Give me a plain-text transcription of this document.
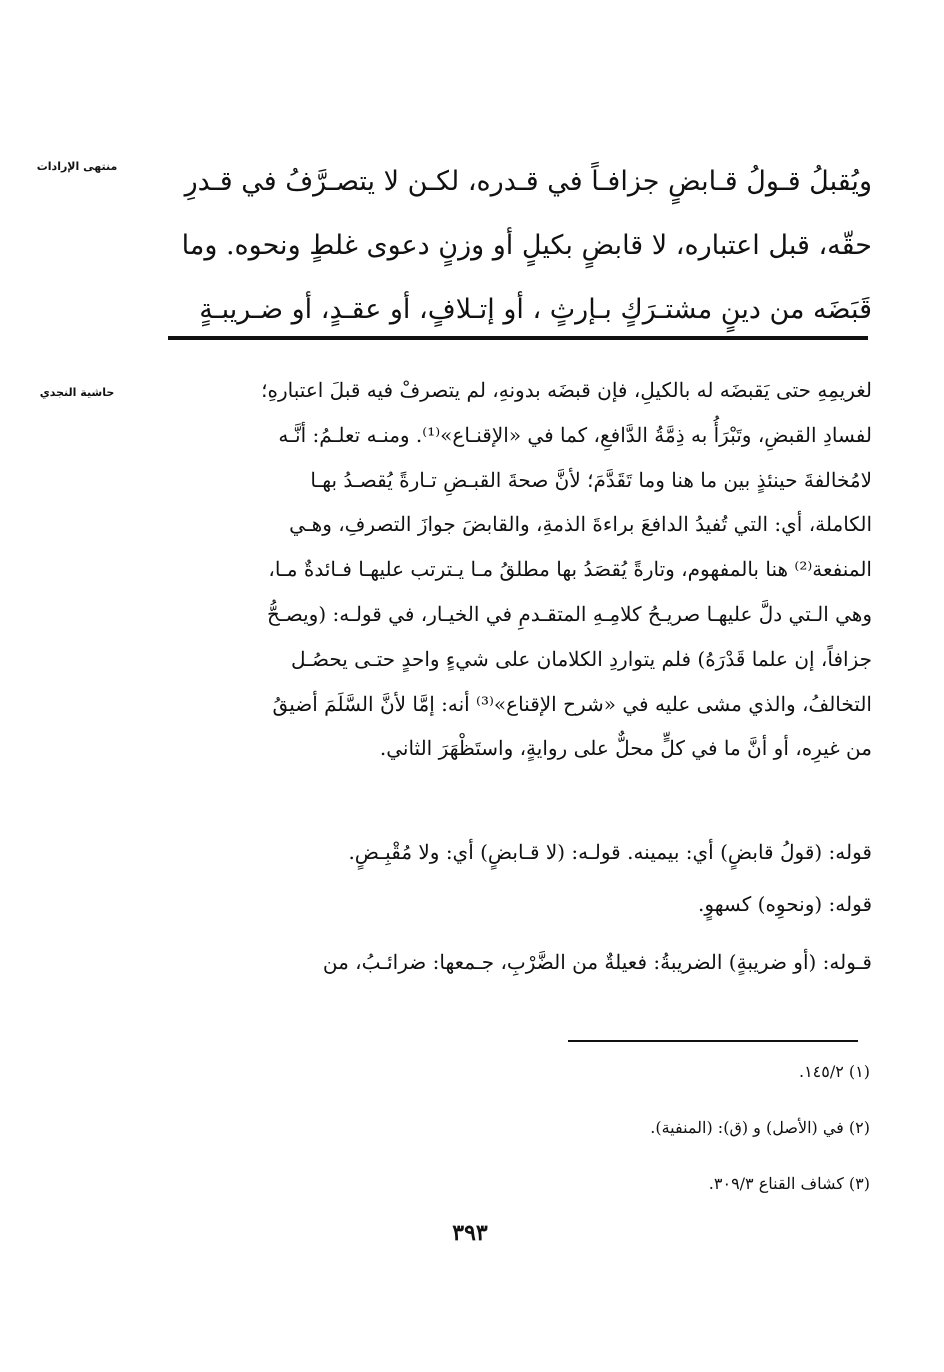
منتهى الإرادات
حاشية النجدي

ويُقبلُ قـولُ قـابضٍ جزافـاً في قـدره، لكـن لا يتصـرَّفُ في قـدرِ

حقّه، قبل اعتباره، لا قابضٍ بكيلٍ أو وزنٍ دعوى غلطٍ ونحوه. وما

قَبَضَه من دينٍ مشتـرَكٍ بـإرثٍ ، أو إتـلافٍ، أو عقـدٍ، أو ضـريبـةٍ

لغريمِهِ حتى يَقبضَه له بالكيلِ، فإن قبضَه بدونهِ، لم يتصرفْ فيه قبلَ اعتبارهِ؛

لفسادِ القبضِ، وتَبْرَأُ به ذِمَّةُ الدَّافعِ، كما في «الإقنـاع»⁽¹⁾. ومنـه تعلـمُ: أنَّـه

لامُخالفةَ حينئذٍ بين ما هنا وما تَقَدَّمَ؛ لأنَّ صحةَ القبـضِ تـارةً يُقصـدُ بهـا

الكاملة، أي: التي تُفيدُ الدافعَ براءةَ الذمةِ، والقابضَ جوازَ التصرفِ، وهـي

المنفعة⁽²⁾ هنا بالمفهوم، وتارةً يُقصَدُ بها مطلقُ مـا يـترتب عليهـا فـائدةٌ مـا،

وهي الـتي دلَّ عليهـا صريـحُ كلامِـهِ المتقـدمِ في الخيـار، في قولـه: (ويصـحُّ

جزافاً، إن علما قَدْرَهُ) فلم يتواردِ الكلامان على شيءٍ واحدٍ حتـى يحصُـل

التخالفُ، والذي مشى عليه في «شرح الإقناع»⁽³⁾ أنه: إمَّا لأنَّ السَّلَمَ أضيقُ

من غيرِه، أو أنَّ ما في كلٍّ محلٌّ على روايةٍ، واستَظْهَرَ الثاني.

قوله: (قولُ قابضٍ) أي: بيمينه. قولـه: (لا قـابضٍ) أي: ولا مُقْبِـضٍ.

قوله: (ونحوِه) كسهوٍ.

قـوله: (أو ضريبةٍ) الضريبةُ: فعيلةٌ من الضَّرْبِ، جـمعها: ضرائـبُ، من

(١) ١٤٥/٢.
(٢) في (الأصل) و (ق): (المنفية).
(٣) كشاف القناع ٣٠٩/٣.
٣٩٣
